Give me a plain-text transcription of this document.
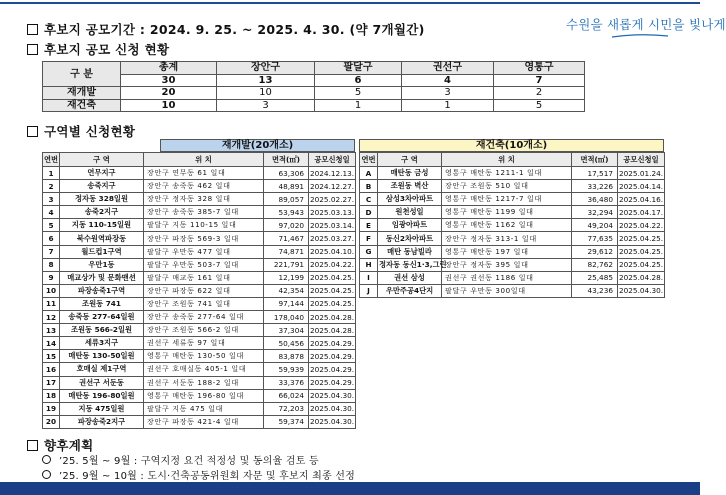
수원을 새롭게 시민을 빛나게
후보지 공모기간 : 2024. 9. 25. ~ 2025. 4. 30. (약 7개월간)
후보지 공모 신청 현황
구 분	총계	장안구	팔달구	권선구	영통구
	30	13	6	4	7
재개발	20	10	5	3	2
재건축	10	3	1	1	5
구역별 신청현황
재개발(20개소)
연번	구 역	위 치	면적(㎡)	공모신청일
1	연무지구	장안구 연무동 61 일대	63,306	2024.12.13.
2	송죽지구	장안구 송죽동 462 일대	48,891	2024.12.27.
3	정자동 328일원	장안구 정자동 328 일대	89,057	2025.02.27.
4	송죽2지구	장안구 송죽동 385-7 일대	53,943	2025.03.13.
5	지동 110-15일원	팔달구 지동 110-15 일대	97,020	2025.03.14.
6	북수원역파장동	장안구 파장동 569-3 일대	71,467	2025.03.27.
7	월드컵1구역	팔달구 우만동 477 일대	74,871	2025.04.10.
8	우만1동	팔달구 우만동 503-7 일대	221,791	2025.04.22.
9	매교상가 및 문화맨션	팔달구 매교동 161 일대	12,199	2025.04.25.
10	파장송죽1구역	장안구 파장동 622 일대	42,354	2025.04.25.
11	조원동 741	장안구 조원동 741 일대	97,144	2025.04.25.
12	송죽동 277-64일원	장안구 송죽동 277-64 일대	178,040	2025.04.28.
13	조원동 566-2일원	장안구 조원동 566-2 일대	37,304	2025.04.28.
14	세류3지구	권선구 세류동 97 일대	50,456	2025.04.29.
15	매탄동 130-50일원	영통구 매탄동 130-50 일대	83,878	2025.04.29.
16	호매실 제1구역	권선구 호매실동 405-1 일대	59,939	2025.04.29.
17	권선구 서둔동	권선구 서둔동 188-2 일대	33,376	2025.04.29.
18	매탄동 196-80일원	영통구 매탄동 196-80 일대	66,024	2025.04.30.
19	지동 475일원	팔달구 지동 475 일대	72,203	2025.04.30.
20	파장송죽2지구	장안구 파장동 421-4 일대	59,374	2025.04.30.
재건축(10개소)
연번	구 역	위 치	면적(㎡)	공모신청일
A	매탄동 금성	영통구 매탄동 1211-1 일대	17,517	2025.01.24.
B	조원동 벽산	장안구 조원동 510 일대	33,226	2025.04.14.
C	삼성3차아파트	영통구 매탄동 1217-7 일대	36,480	2025.04.16.
D	원천성일	영통구 매탄동 1199 일대	32,294	2025.04.17.
E	임광아파트	영통구 매탄동 1162 일대	49,204	2025.04.22.
F	동신2차아파트	장안구 정자동 313-1 일대	77,635	2025.04.25.
G	매탄 동남빌라	영통구 매탄동 197 일대	29,612	2025.04.25.
H	정자동 동신1·3,그린	장안구 정자동 395 일대	82,762	2025.04.25.
I	권선 삼성	권선구 권선동 1186 일대	25,485	2025.04.28.
J	우만주공4단지	팔달구 우만동 300일대	43,236	2025.04.30.
향후계획
’25. 5월 ~ 9월 : 구역지정 요건 적정성 및 동의율 검토 등
’25. 9월 ~ 10월 : 도시·건축공동위원회 자문 및 후보지 최종 선정
